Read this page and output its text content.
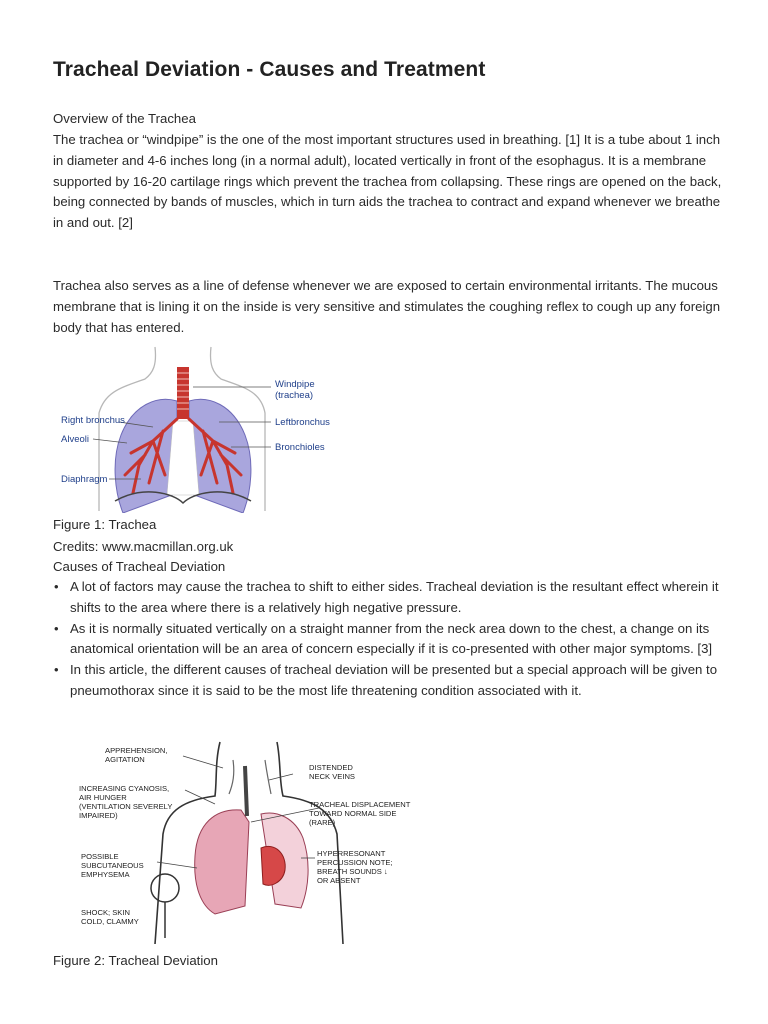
Tracheal Deviation - Causes and Treatment

Overview of the Trachea

The trachea or “windpipe” is the one of the most important structures used in breathing. [1] It is a tube about 1 inch in diameter and 4-6 inches long (in a normal adult), located vertically in front of the esophagus. It is a membrane supported by 16-20 cartilage rings which prevent the trachea from collapsing. These rings are opened on the back, being connected by bands of muscles, which in turn aids the trachea to contract and expand whenever we breathe in and out. [2]

Trachea also serves as a line of defense whenever we are exposed to certain environmental irritants. The mucous membrane that is lining it on the inside is very sensitive and stimulates the coughing reflex to cough up any foreign body that has entered.

Windpipe
(trachea)
Right bronchus	Leftbronchus
Alveoli
Bronchioles
Diaphragm

Figure 1: Trachea

Credits: www.macmillan.org.uk

Causes of Tracheal Deviation

• A lot of factors may cause the trachea to shift to either sides. Tracheal deviation is the resultant effect wherein it shifts to the area where there is a relatively high negative pressure.
• As it is normally situated vertically on a straight manner from the neck area down to the chest, a change on its anatomical orientation will be an area of concern especially if it is co-presented with other major symptoms. [3]
• In this article, the different causes of tracheal deviation will be presented but a special approach will be given to pneumothorax since it is said to be the most life threatening condition associated with it.
APPREHENSION,
AGITATION
INCREASING CYANOSIS,
AIR HUNGER
(VENTILATION SEVERELY
IMPAIRED)
POSSIBLE
SUBCUTANEOUS
EMPHYSEMA
SHOCK; SKIN
COLD, CLAMMY
DISTENDED
NECK VEINS
TRACHEAL DISPLACEMENT
TOWARD NORMAL SIDE
(RARE)
HYPERRESONANT
PERCUSSION NOTE;
BREATH SOUNDS ↓
OR ABSENT

Figure 2: Tracheal Deviation
